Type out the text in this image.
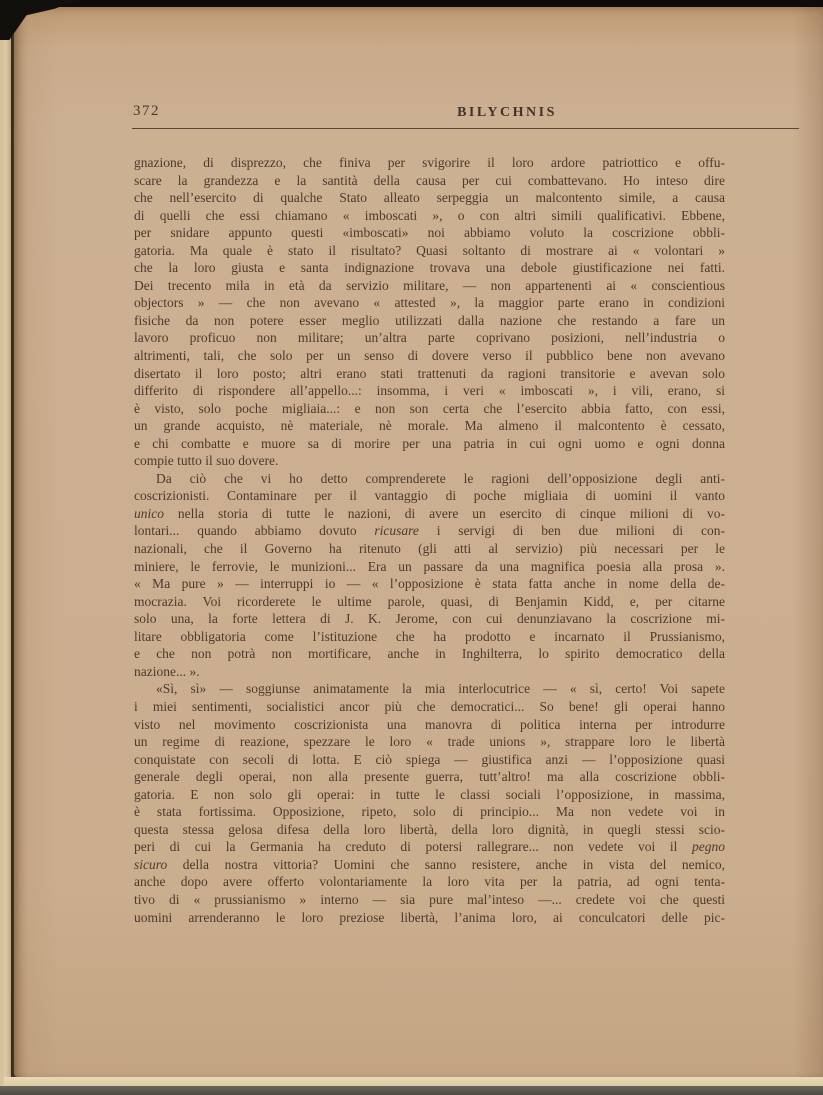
372	BILYCHNIS
gnazione, di disprezzo, che finiva per svigorire il loro ardore patriottico e offu-
scare la grandezza e la santità della causa per cui combattevano. Ho inteso dire
che nell’esercito di qualche Stato alleato serpeggia un malcontento simile, a causa
di quelli che essi chiamano « imboscati », o con altri simili qualificativi. Ebbene,
per snidare appunto questi «imboscati» noi abbiamo voluto la coscrizione obbli-
gatoria. Ma quale è stato il risultato? Quasi soltanto di mostrare ai « volontari »
che la loro giusta e santa indignazione trovava una debole giustificazione nei fatti.
Dei trecento mila in età da servizio militare, — non appartenenti ai « conscientious
objectors » — che non avevano « attested », la maggior parte erano in condizioni
fisiche da non potere esser meglio utilizzati dalla nazione che restando a fare un
lavoro proficuo non militare; un’altra parte coprivano posizioni, nell’industria o
altrimenti, tali, che solo per un senso di dovere verso il pubblico bene non avevano
disertato il loro posto; altri erano stati trattenuti da ragioni transitorie e avevan solo
differito di rispondere all’appello...: insomma, i veri « imboscati », i vili, erano, si
è visto, solo poche migliaia...: e non son certa che l’esercito abbia fatto, con essi,
un grande acquisto, nè materiale, nè morale. Ma almeno il malcontento è cessato,
e chi combatte e muore sa di morire per una patria in cui ogni uomo e ogni donna
compie tutto il suo dovere.
Da ciò che vi ho detto comprenderete le ragioni dell’opposizione degli anti-
coscrizionisti. Contaminare per il vantaggio di poche migliaia di uomini il vanto
unico nella storia di tutte le nazioni, di avere un esercito di cinque milioni di vo-
lontari... quando abbiamo dovuto ricusare i servigi di ben due milioni di con-
nazionali, che il Governo ha ritenuto (gli atti al servizio) più necessari per le
miniere, le ferrovie, le munizioni... Era un passare da una magnifica poesia alla prosa ».
« Ma pure » — interruppi io — « l’opposizione è stata fatta anche in nome della de-
mocrazia. Voi ricorderete le ultime parole, quasi, di Benjamin Kidd, e, per citarne
solo una, la forte lettera di J. K. Jerome, con cui denunziavano la coscrizione mi-
litare obbligatoria come l’istituzione che ha prodotto e incarnato il Prussianismo,
e che non potrà non mortificare, anche in Inghilterra, lo spirito democratico della
nazione... ».
«Sì, sì» — soggiunse animatamente la mia interlocutrice — « sì, certo! Voi sapete
i miei sentimenti, socialistici ancor più che democratici... So bene! gli operai hanno
visto nel movimento coscrizionista una manovra di politica interna per introdurre
un regime di reazione, spezzare le loro « trade unions », strappare loro le libertà
conquistate con secoli di lotta. E ciò spiega — giustifica anzi — l’opposizione quasi
generale degli operai, non alla presente guerra, tutt’altro! ma alla coscrizione obbli-
gatoria. E non solo gli operai: in tutte le classi sociali l’opposizione, in massima,
è stata fortissima. Opposizione, ripeto, solo di principio... Ma non vedete voi in
questa stessa gelosa difesa della loro libertà, della loro dignità, in quegli stessi scio-
peri di cui la Germania ha creduto di potersi rallegrare... non vedete voi il pegno
sicuro della nostra vittoria? Uomini che sanno resistere, anche in vista del nemico,
anche dopo avere offerto volontariamente la loro vita per la patria, ad ogni tenta-
tivo di « prussianismo » interno — sia pure mal’inteso —... credete voi che questi
uomini arrenderanno le loro preziose libertà, l’anima loro, ai conculcatori delle pic-
